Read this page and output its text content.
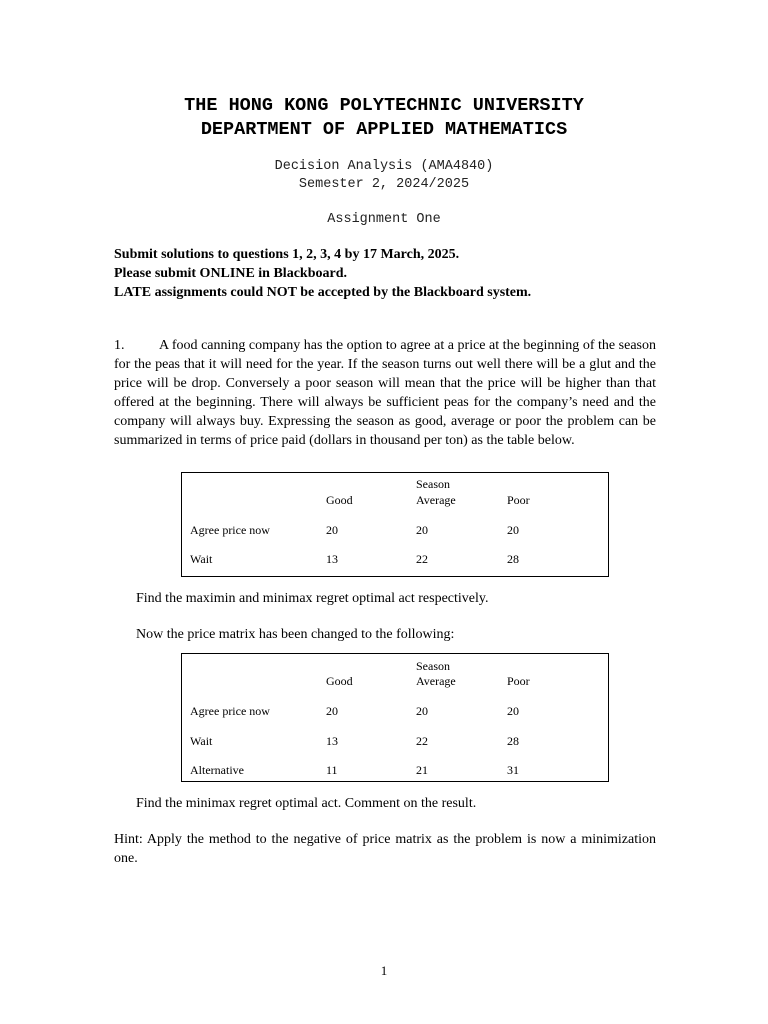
THE HONG KONG POLYTECHNIC UNIVERSITY
DEPARTMENT OF APPLIED MATHEMATICS
Decision Analysis (AMA4840)
Semester 2, 2024/2025
Assignment One
Submit solutions to questions 1, 2, 3, 4 by 17 March, 2025.
Please submit ONLINE in Blackboard.
LATE assignments could NOT be accepted by the Blackboard system.
1. A food canning company has the option to agree at a price at the beginning of the season for the peas that it will need for the year. If the season turns out well there will be a glut and the price will be drop. Conversely a poor season will mean that the price will be higher than that offered at the beginning. There will always be sufficient peas for the company’s need and the company will always buy. Expressing the season as good, average or poor the problem can be summarized in terms of price paid (dollars in thousand per ton) as the table below.
Season
Good	Average	Poor
Agree price now	20	20	20
Wait	13	22	28
Find the maximin and minimax regret optimal act respectively.
Now the price matrix has been changed to the following:
Season
Good	Average	Poor
Agree price now	20	20	20
Wait	13	22	28
Alternative	11	21	31
Find the minimax regret optimal act. Comment on the result.
Hint: Apply the method to the negative of price matrix as the problem is now a minimization one.
1
